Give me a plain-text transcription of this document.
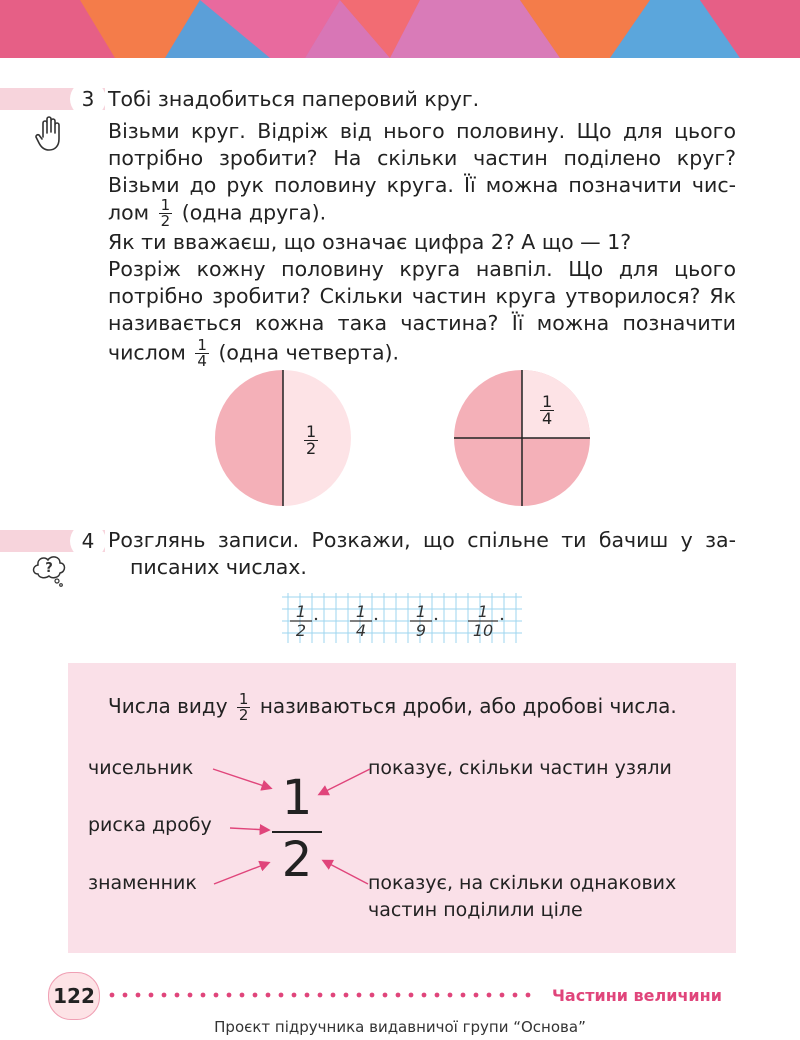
3 Тобі знадобиться паперовий круг.
Візьми круг. Відріж від нього половину. Що для цього
потрібно зробити? На скільки частин поділено круг?
Візьми до рук половину круга. Її можна позначити чис-
лом $\frac{1}{2}$ (одна друга).
Як ти вважаєш, що означає цифра 2? А що — 1?
Розріж кожну половину круга навпіл. Що для цього
потрібно зробити? Скільки частин круга утворилося? Як
називається кожна така частина? Її можна позначити
числом $\frac{1}{4}$ (одна четверта).
$\frac{1}{2}$
$\frac{1}{4}$
4
?
Розглянь записи. Розкажи, що спільне ти бачиш у за-
писаних числах.
1
2
1
4
1
9
1
10
Числа виду $\frac{1}{2}$ називаються дроби, або дробові числа.
чисельник
риска дробу
знаменник
показує, скільки частин узяли
показує, на скільки однакових
частин поділили ціле
1
2
122	Частини величини
Проєкт підручника видавничої групи “Основа”
